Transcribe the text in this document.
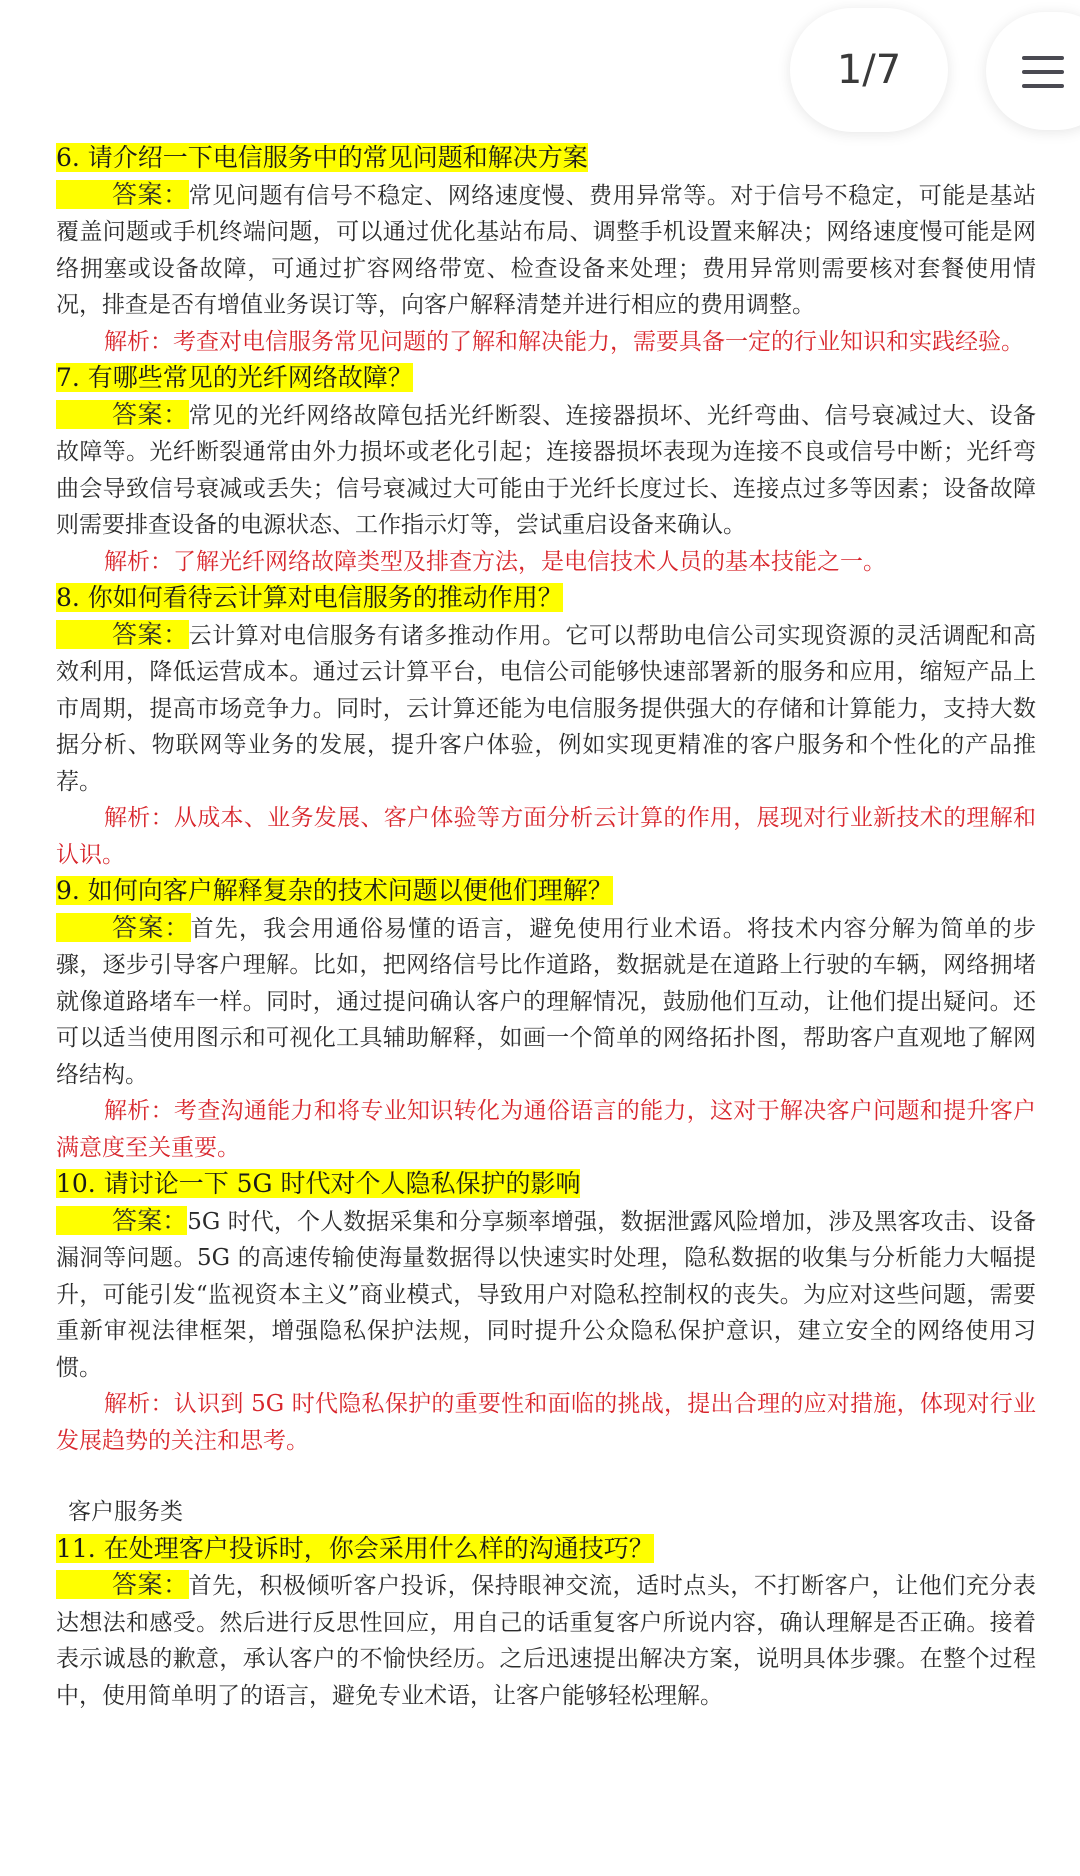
1/7

6. 请介绍一下电信服务中的常见问题和解决方案

答案：常见问题有信号不稳定、网络速度慢、费用异常等。对于信号不稳定，可能是基站覆盖问题或手机终端问题，可以通过优化基站布局、调整手机设置来解决；网络速度慢可能是网络拥塞或设备故障，可通过扩容网络带宽、检查设备来处理；费用异常则需要核对套餐使用情况，排查是否有增值业务误订等，向客户解释清楚并进行相应的费用调整。

解析：考查对电信服务常见问题的了解和解决能力，需要具备一定的行业知识和实践经验。

7. 有哪些常见的光纤网络故障？

答案：常见的光纤网络故障包括光纤断裂、连接器损坏、光纤弯曲、信号衰减过大、设备故障等。光纤断裂通常由外力损坏或老化引起；连接器损坏表现为连接不良或信号中断；光纤弯曲会导致信号衰减或丢失；信号衰减过大可能由于光纤长度过长、连接点过多等因素；设备故障则需要排查设备的电源状态、工作指示灯等，尝试重启设备来确认。

解析：了解光纤网络故障类型及排查方法，是电信技术人员的基本技能之一。

8. 你如何看待云计算对电信服务的推动作用？

答案：云计算对电信服务有诸多推动作用。它可以帮助电信公司实现资源的灵活调配和高效利用，降低运营成本。通过云计算平台，电信公司能够快速部署新的服务和应用，缩短产品上市周期，提高市场竞争力。同时，云计算还能为电信服务提供强大的存储和计算能力，支持大数据分析、物联网等业务的发展，提升客户体验，例如实现更精准的客户服务和个性化的产品推荐。

解析：从成本、业务发展、客户体验等方面分析云计算的作用，展现对行业新技术的理解和认识。

9. 如何向客户解释复杂的技术问题以便他们理解？

答案：首先，我会用通俗易懂的语言，避免使用行业术语。将技术内容分解为简单的步骤，逐步引导客户理解。比如，把网络信号比作道路，数据就是在道路上行驶的车辆，网络拥堵就像道路堵车一样。同时，通过提问确认客户的理解情况，鼓励他们互动，让他们提出疑问。还可以适当使用图示和可视化工具辅助解释，如画一个简单的网络拓扑图，帮助客户直观地了解网络结构。

解析：考查沟通能力和将专业知识转化为通俗语言的能力，这对于解决客户问题和提升客户满意度至关重要。

10. 请讨论一下 5G 时代对个人隐私保护的影响

答案：5G 时代，个人数据采集和分享频率增强，数据泄露风险增加，涉及黑客攻击、设备漏洞等问题。5G 的高速传输使海量数据得以快速实时处理，隐私数据的收集与分析能力大幅提升，可能引发“监视资本主义”商业模式，导致用户对隐私控制权的丧失。为应对这些问题，需要重新审视法律框架，增强隐私保护法规，同时提升公众隐私保护意识，建立安全的网络使用习惯。

解析：认识到 5G 时代隐私保护的重要性和面临的挑战，提出合理的应对措施，体现对行业发展趋势的关注和思考。

客户服务类

11. 在处理客户投诉时，你会采用什么样的沟通技巧？

答案：首先，积极倾听客户投诉，保持眼神交流，适时点头，不打断客户，让他们充分表达想法和感受。然后进行反思性回应，用自己的话重复客户所说内容，确认理解是否正确。接着表示诚恳的歉意，承认客户的不愉快经历。之后迅速提出解决方案，说明具体步骤。在整个过程中，使用简单明了的语言，避免专业术语，让客户能够轻松理解。
